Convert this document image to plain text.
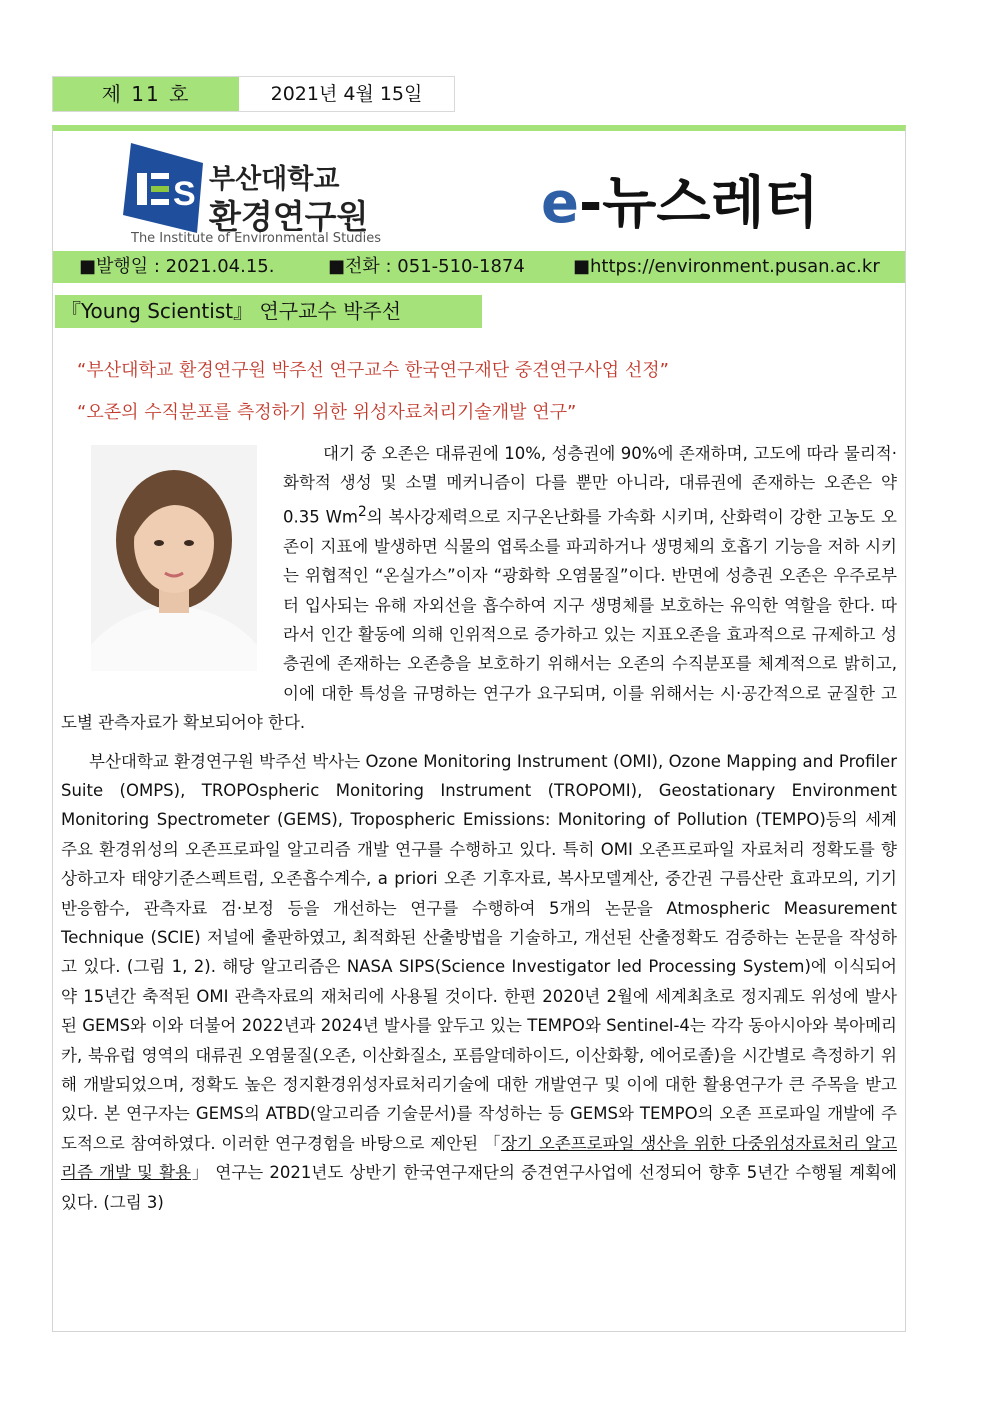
제 11 호	2021년 4월 15일
S 부산대학교
환경연구원
The Institute of Environmental Studies
e-뉴스레터
■발행일 : 2021.04.15.	■전화 : 051-510-1874	■https://environment.pusan.ac.kr
『Young Scientist』 연구교수 박주선
“부산대학교 환경연구원 박주선 연구교수 한국연구재단 중견연구사업 선정”
“오존의 수직분포를 측정하기 위한 위성자료처리기술개발 연구”

대기 중 오존은 대류권에 10%, 성층권에 90%에 존재하며, 고도에 따라 물리적·화학적 생성 및 소멸 메커니즘이 다를 뿐만 아니라, 대류권에 존재하는 오존은 약 0.35 Wm$^2$의 복사강제력으로 지구온난화를 가속화 시키며, 산화력이 강한 고농도 오존이 지표에 발생하면 식물의 엽록소를 파괴하거나 생명체의 호흡기 기능을 저하 시키는 위협적인 “온실가스”이자 “광화학 오염물질”이다. 반면에 성층권 오존은 우주로부터 입사되는 유해 자외선을 흡수하여 지구 생명체를 보호하는 유익한 역할을 한다. 따라서 인간 활동에 의해 인위적으로 증가하고 있는 지표오존을 효과적으로 규제하고 성층권에 존재하는 오존층을 보호하기 위해서는 오존의 수직분포를 체계적으로 밝히고, 이에 대한 특성을 규명하는 연구가 요구되며, 이를 위해서는 시·공간적으로 균질한 고도별 관측자료가 확보되어야 한다.

부산대학교 환경연구원 박주선 박사는 Ozone Monitoring Instrument (OMI), Ozone Mapping and Profiler Suite (OMPS), TROPOspheric Monitoring Instrument (TROPOMI), Geostationary Environment Monitoring Spectrometer (GEMS), Tropospheric Emissions: Monitoring of Pollution (TEMPO)등의 세계 주요 환경위성의 오존프로파일 알고리즘 개발 연구를 수행하고 있다. 특히 OMI 오존프로파일 자료처리 정확도를 향상하고자 태양기준스펙트럼, 오존흡수계수, a priori 오존 기후자료, 복사모델계산, 중간권 구름산란 효과모의, 기기반응함수, 관측자료 검·보정 등을 개선하는 연구를 수행하여 5개의 논문을 Atmospheric Measurement Technique (SCIE) 저널에 출판하였고, 최적화된 산출방법을 기술하고, 개선된 산출정확도 검증하는 논문을 작성하고 있다. (그림 1, 2). 해당 알고리즘은 NASA SIPS(Science Investigator led Processing System)에 이식되어 약 15년간 축적된 OMI 관측자료의 재처리에 사용될 것이다. 한편 2020년 2월에 세계최초로 정지궤도 위성에 발사된 GEMS와 이와 더불어 2022년과 2024년 발사를 앞두고 있는 TEMPO와 Sentinel-4는 각각 동아시아와 북아메리카, 북유럽 영역의 대류권 오염물질(오존, 이산화질소, 포름알데하이드, 이산화황, 에어로졸)을 시간별로 측정하기 위해 개발되었으며, 정확도 높은 정지환경위성자료처리기술에 대한 개발연구 및 이에 대한 활용연구가 큰 주목을 받고 있다. 본 연구자는 GEMS의 ATBD(알고리즘 기술문서)를 작성하는 등 GEMS와 TEMPO의 오존 프로파일 개발에 주도적으로 참여하였다. 이러한 연구경험을 바탕으로 제안된 「장기 오존프로파일 생산을 위한 다중위성자료처리 알고리즘 개발 및 활용」 연구는 2021년도 상반기 한국연구재단의 중견연구사업에 선정되어 향후 5년간 수행될 계획에 있다. (그림 3)
